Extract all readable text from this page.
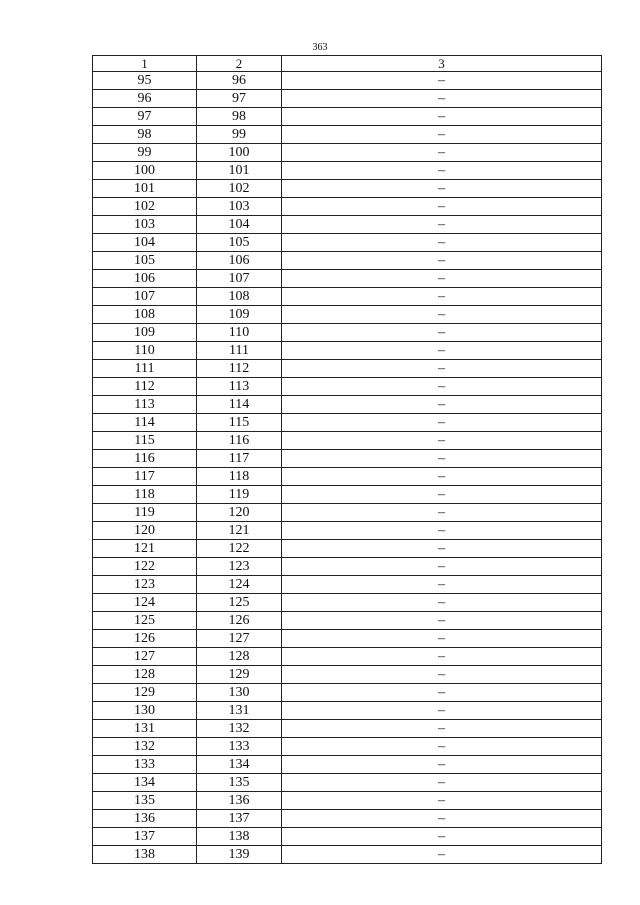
363
1	2	3
95	96	–
96	97	–
97	98	–
98	99	–
99	100	–
100	101	–
101	102	–
102	103	–
103	104	–
104	105	–
105	106	–
106	107	–
107	108	–
108	109	–
109	110	–
110	111	–
111	112	–
112	113	–
113	114	–
114	115	–
115	116	–
116	117	–
117	118	–
118	119	–
119	120	–
120	121	–
121	122	–
122	123	–
123	124	–
124	125	–
125	126	–
126	127	–
127	128	–
128	129	–
129	130	–
130	131	–
131	132	–
132	133	–
133	134	–
134	135	–
135	136	–
136	137	–
137	138	–
138	139	–
